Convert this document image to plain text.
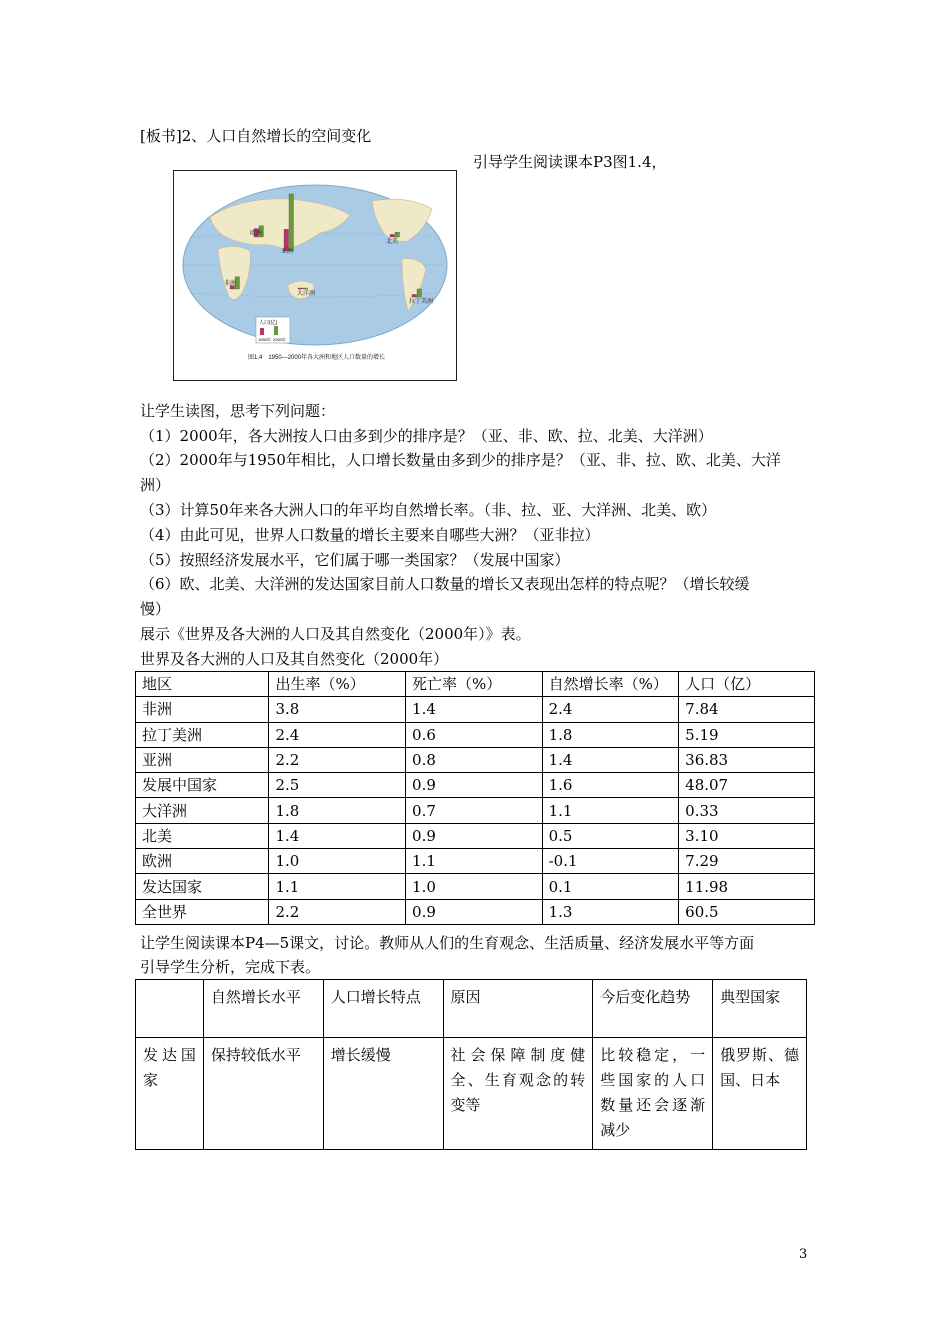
[板书]2、人口自然增长的空间变化
引导学生阅读课本P3图1.4，
欧洲
亚洲
非洲
大洋洲
北美
拉丁美洲
人口(亿)
1950年 2000年
图1.4　1950—2000年各大洲和地区人口数量的增长
让学生读图，思考下列问题：
（1）2000年，各大洲按人口由多到少的排序是？（亚、非、欧、拉、北美、大洋洲）
（2）2000年与1950年相比，人口增长数量由多到少的排序是？（亚、非、拉、欧、北美、大洋
洲）
（3）计算50年来各大洲人口的年平均自然增长率。（非、拉、亚、大洋洲、北美、欧）
（4）由此可见，世界人口数量的增长主要来自哪些大洲？（亚非拉）
（5）按照经济发展水平，它们属于哪一类国家？（发展中国家）
（6）欧、北美、大洋洲的发达国家目前人口数量的增长又表现出怎样的特点呢？（增长较缓
慢）
展示《世界及各大洲的人口及其自然变化（2000年）》表。
世界及各大洲的人口及其自然变化（2000年）
地区	出生率（%）	死亡率（%）	自然增长率（%）	人口（亿）
非洲	3.8	1.4	2.4	7.84
拉丁美洲	2.4	0.6	1.8	5.19
亚洲	2.2	0.8	1.4	36.83
发展中国家	2.5	0.9	1.6	48.07
大洋洲	1.8	0.7	1.1	0.33
北美	1.4	0.9	0.5	3.10
欧洲	1.0	1.1	-0.1	7.29
发达国家	1.1	1.0	0.1	11.98
全世界	2.2	0.9	1.3	60.5
让学生阅读课本P4—5课文，讨论。教师从人们的生育观念、生活质量、经济发展水平等方面
引导学生分析，完成下表。
	自然增长水平	人口增长特点	原因	今后变化趋势	典型国家
发达国家	保持较低水平	增长缓慢	社会保障制度健全、生育观念的转变等	比较稳定，一些国家的人口数量还会逐渐减少	俄罗斯、德国、日本
3
